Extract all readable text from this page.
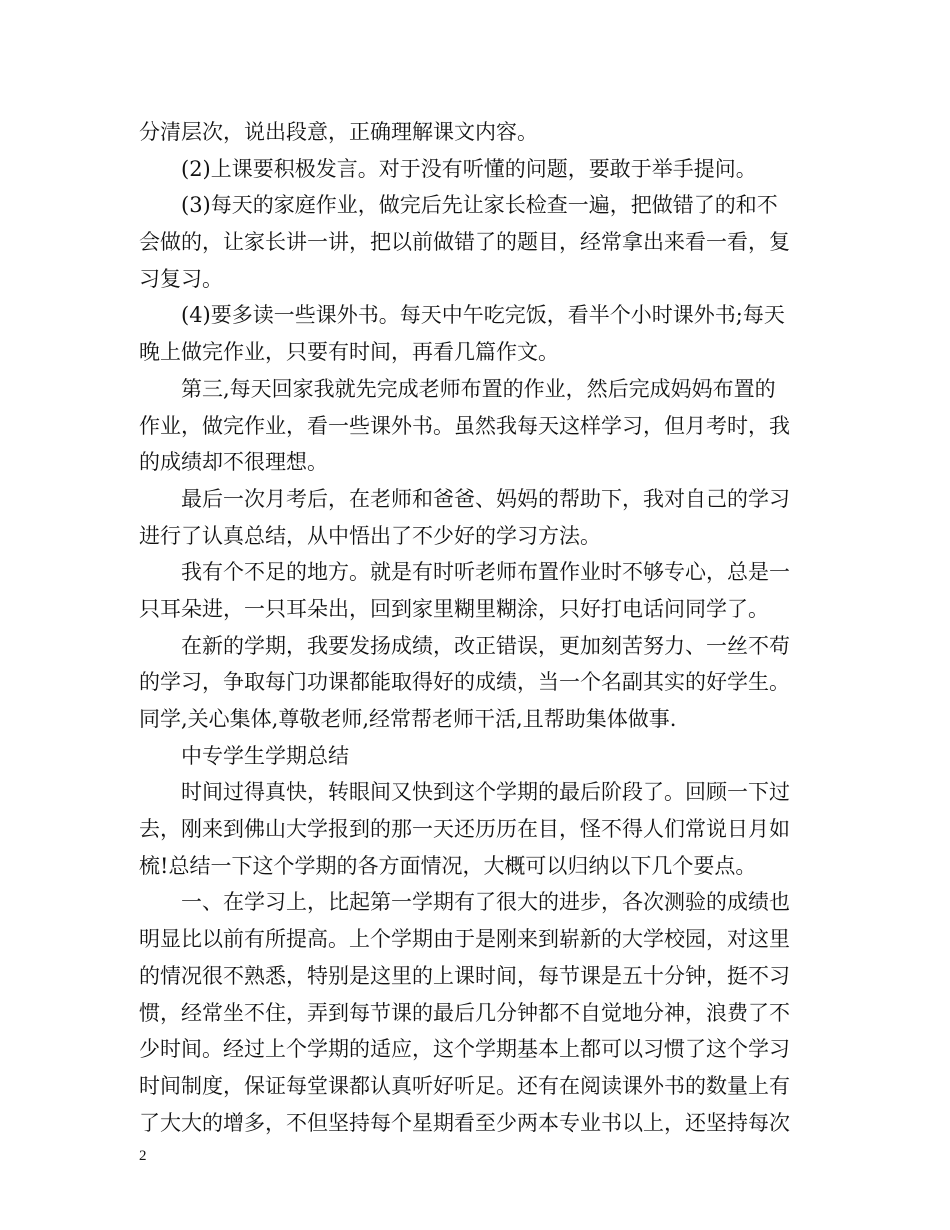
分清层次，说出段意，正确理解课文内容。
(2)上课要积极发言。对于没有听懂的问题，要敢于举手提问。
(3)每天的家庭作业，做完后先让家长检查一遍，把做错了的和不
会做的，让家长讲一讲，把以前做错了的题目，经常拿出来看一看，复
习复习。
(4)要多读一些课外书。每天中午吃完饭，看半个小时课外书;每天
晚上做完作业，只要有时间，再看几篇作文。
第三,每天回家我就先完成老师布置的作业，然后完成妈妈布置的
作业，做完作业，看一些课外书。虽然我每天这样学习，但月考时，我
的成绩却不很理想。
最后一次月考后，在老师和爸爸、妈妈的帮助下，我对自己的学习
进行了认真总结，从中悟出了不少好的学习方法。
我有个不足的地方。就是有时听老师布置作业时不够专心，总是一
只耳朵进，一只耳朵出，回到家里糊里糊涂，只好打电话问同学了。
在新的学期，我要发扬成绩，改正错误，更加刻苦努力、一丝不苟
的学习，争取每门功课都能取得好的成绩，当一个名副其实的好学生。
同学,关心集体,尊敬老师,经常帮老师干活,且帮助集体做事.
中专学生学期总结
时间过得真快，转眼间又快到这个学期的最后阶段了。回顾一下过
去，刚来到佛山大学报到的那一天还历历在目，怪不得人们常说日月如
梳!总结一下这个学期的各方面情况，大概可以归纳以下几个要点。
一、在学习上，比起第一学期有了很大的进步，各次测验的成绩也
明显比以前有所提高。上个学期由于是刚来到崭新的大学校园，对这里
的情况很不熟悉，特别是这里的上课时间，每节课是五十分钟，挺不习
惯，经常坐不住，弄到每节课的最后几分钟都不自觉地分神，浪费了不
少时间。经过上个学期的适应，这个学期基本上都可以习惯了这个学习
时间制度，保证每堂课都认真听好听足。还有在阅读课外书的数量上有
了大大的增多，不但坚持每个星期看至少两本专业书以上，还坚持每次
2
